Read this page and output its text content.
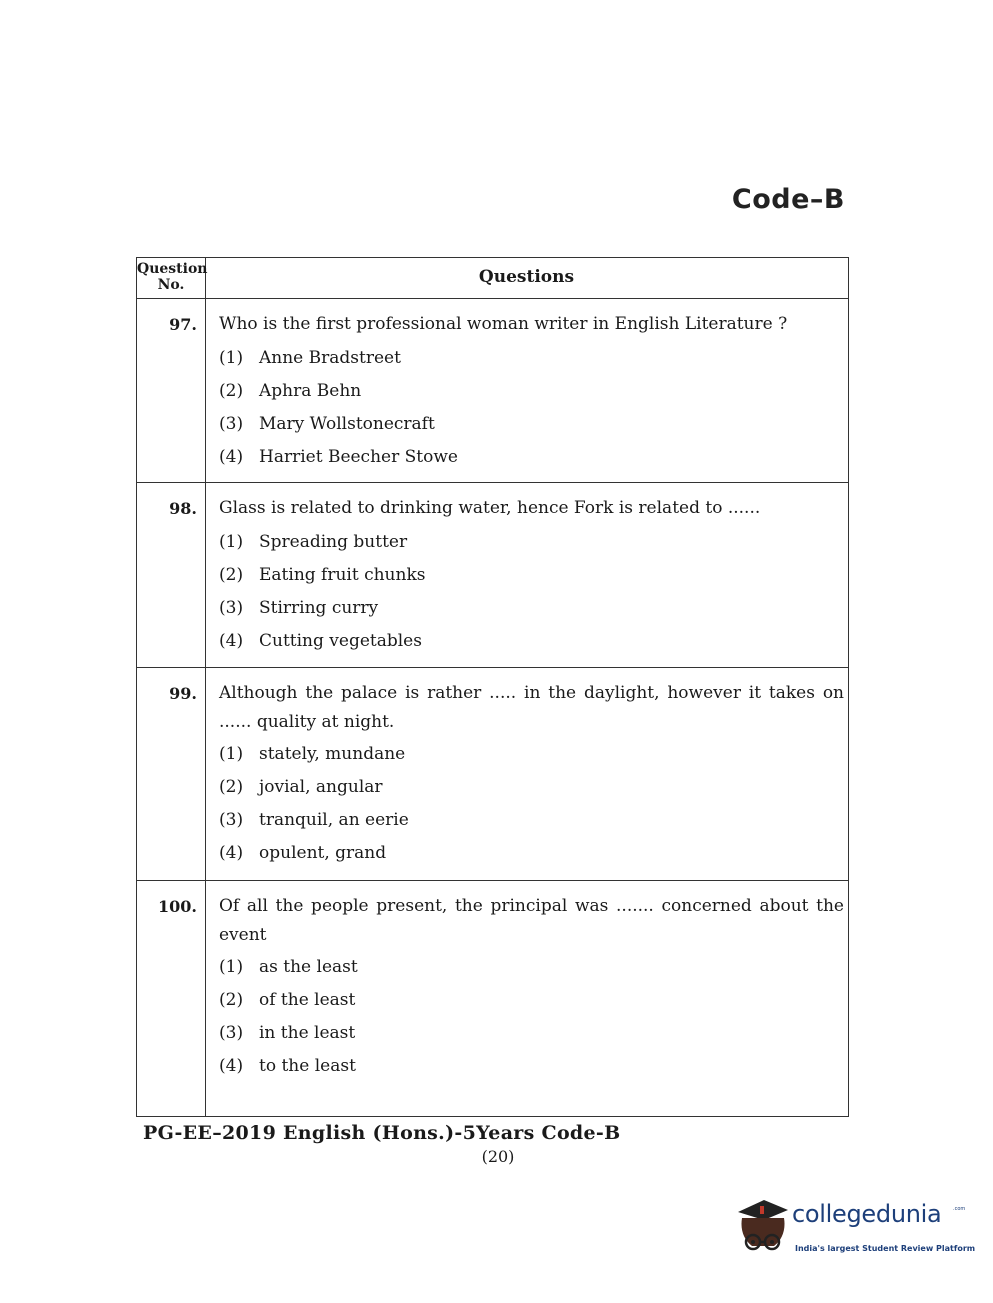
Code–B
Question
No.	Questions
97. Who is the first professional woman writer in English Literature ?
(1) Anne Bradstreet
(2) Aphra Behn
(3) Mary Wollstonecraft
(4) Harriet Beecher Stowe
98. Glass is related to drinking water, hence Fork is related to ......
(1) Spreading butter
(2) Eating fruit chunks
(3) Stirring curry
(4) Cutting vegetables
99. Although the palace is rather ..... in the daylight, however it takes on ...... quality at night.
(1) stately, mundane
(2) jovial, angular
(3) tranquil, an eerie
(4) opulent, grand
100. Of all the people present, the principal was ....... concerned about the event
(1) as the least
(2) of the least
(3) in the least
(4) to the least
PG-EE–2019 English (Hons.)-5Years Code-B
(20)
collegedunia .com
India's largest Student Review Platform
